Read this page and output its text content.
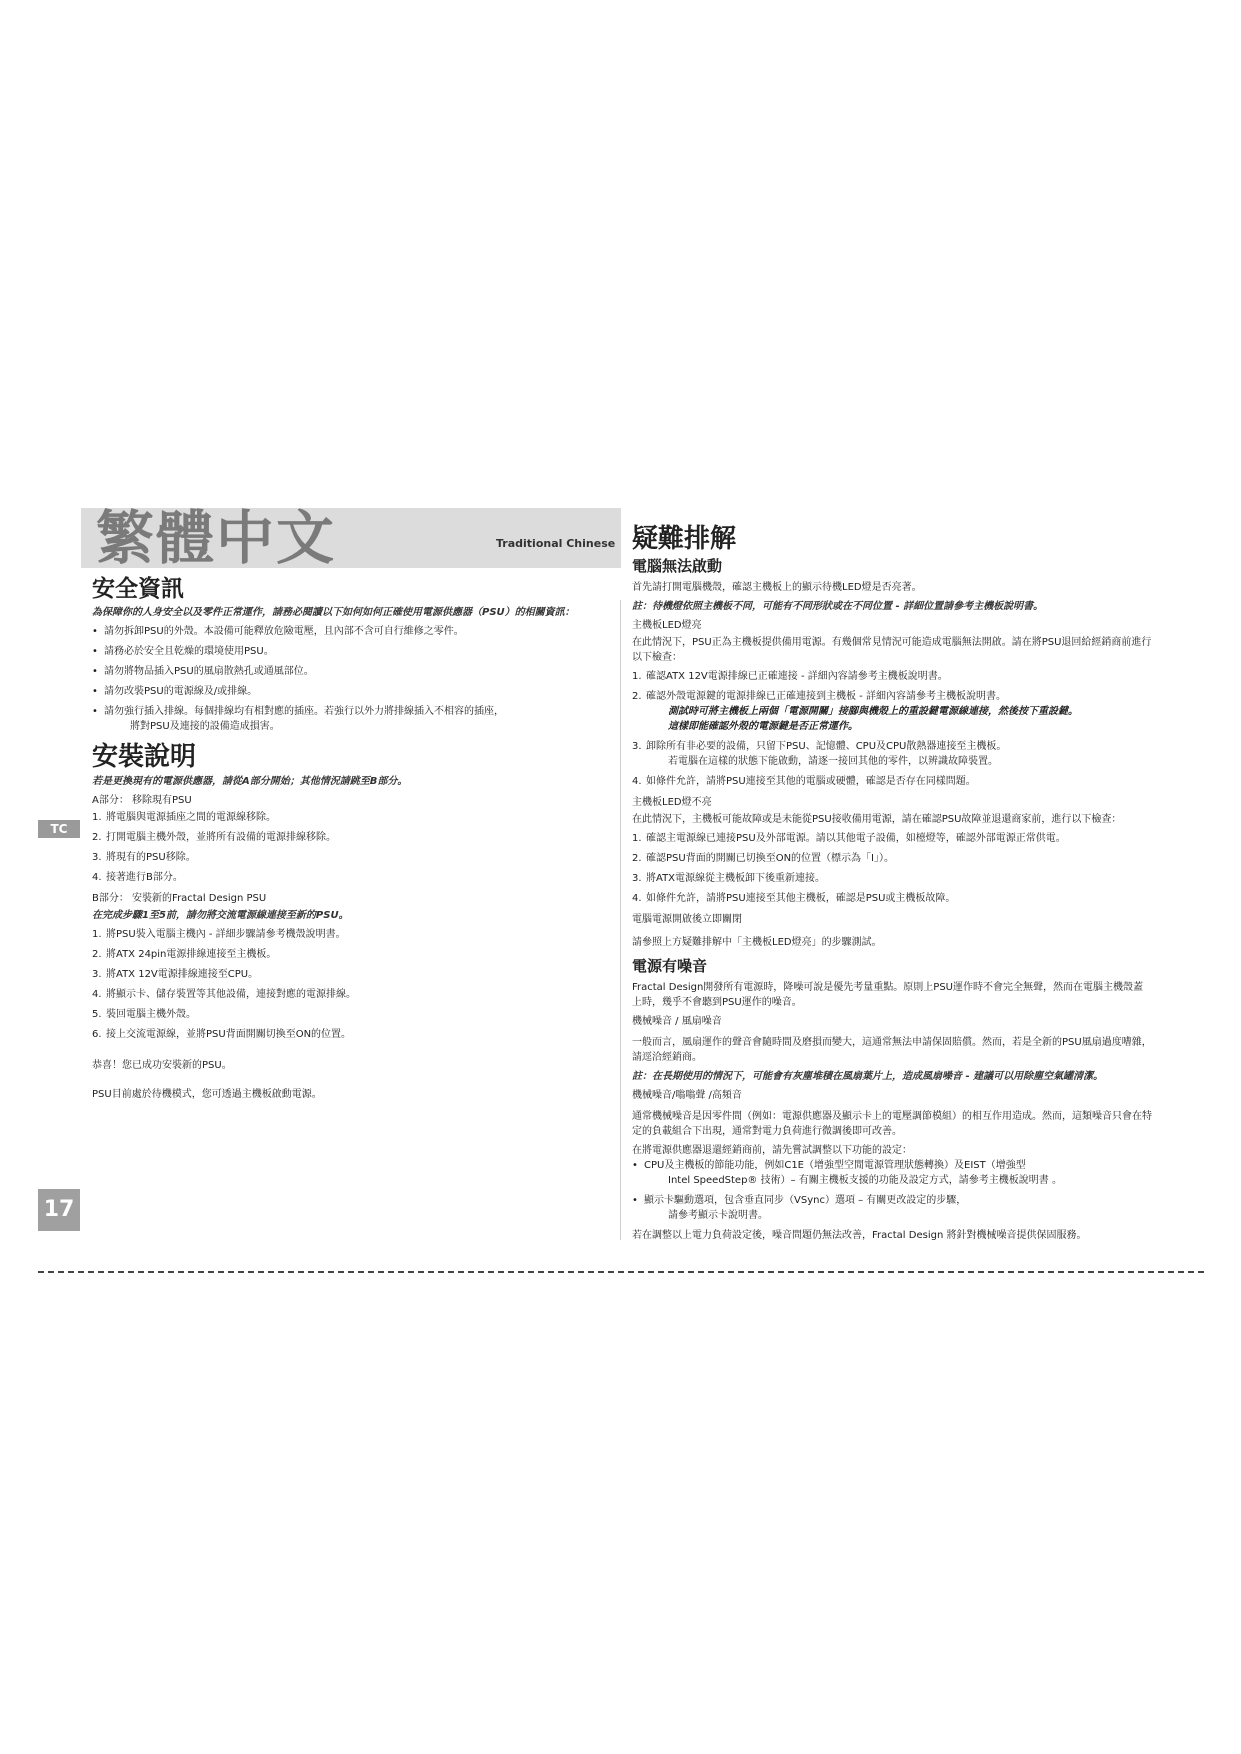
繁體中文	Traditional Chinese
TC
17
安全資訊
為保障你的人身安全以及零件正常運作，請務必閱讀以下如何如何正確使用電源供應器（PSU）的相關資訊：
• 請勿拆卸PSU的外殼。本設備可能釋放危險電壓，且內部不含可自行維修之零件。
• 請務必於安全且乾燥的環境使用PSU。
• 請勿將物品插入PSU的風扇散熱孔或通風部位。
• 請勿改裝PSU的電源線及/或排線。
• 請勿強行插入排線。每個排線均有相對應的插座。若強行以外力將排線插入不相容的插座，
將對PSU及連接的設備造成損害。
安裝說明
若是更換現有的電源供應器，請從A部分開始；其他情況請跳至B部分。
A部分： 移除現有PSU
1. 將電腦與電源插座之間的電源線移除。
2. 打開電腦主機外殼，並將所有設備的電源排線移除。
3. 將現有的PSU移除。
4. 接著進行B部分。
B部分： 安裝新的Fractal Design PSU
在完成步驟1至5前，請勿將交流電源線連接至新的PSU。
1. 將PSU裝入電腦主機內 - 詳細步驟請參考機殼說明書。
2. 將ATX 24pin電源排線連接至主機板。
3. 將ATX 12V電源排線連接至CPU。
4. 將顯示卡、儲存裝置等其他設備，連接對應的電源排線。
5. 裝回電腦主機外殼。
6. 接上交流電源線，並將PSU背面開關切換至ON的位置。
恭喜！您已成功安裝新的PSU。
PSU目前處於待機模式，您可透過主機板啟動電源。
疑難排解
電腦無法啟動
首先請打開電腦機殼，確認主機板上的顯示待機LED燈是否亮著。
註：待機燈依照主機板不同，可能有不同形狀或在不同位置 - 詳細位置請參考主機板說明書。
主機板LED燈亮
在此情況下，PSU正為主機板提供備用電源。有幾個常見情況可能造成電腦無法開啟。請在將PSU退回給經銷商前進行以下檢查：
1. 確認ATX 12V電源排線已正確連接 - 詳細內容請參考主機板說明書。
2. 確認外殼電源鍵的電源排線已正確連接到主機板 - 詳細內容請參考主機板說明書。

測試時可將主機板上兩個「電源開關」接腳與機殼上的重設鍵電源線連接，然後按下重設鍵。
這樣即能確認外殼的電源鍵是否正常運作。
3. 卸除所有非必要的設備，只留下PSU、記憶體、CPU及CPU散熱器連接至主機板。

若電腦在這樣的狀態下能啟動，請逐一接回其他的零件，以辨識故障裝置。
4. 如條件允許，請將PSU連接至其他的電腦或硬體，確認是否存在同樣問題。
主機板LED燈不亮
在此情況下，主機板可能故障或是未能從PSU接收備用電源，請在確認PSU故障並退還商家前，進行以下檢查：
1. 確認主電源線已連接PSU及外部電源。請以其他電子設備，如檯燈等，確認外部電源正常供電。
2. 確認PSU背面的開關已切換至ON的位置（標示為「I」）。
3. 將ATX電源線從主機板卸下後重新連接。
4. 如條件允許，請將PSU連接至其他主機板，確認是PSU或主機板故障。
電腦電源開啟後立即關閉
請參照上方疑難排解中「主機板LED燈亮」的步驟測試。
電源有噪音
Fractal Design開發所有電源時，降噪可說是優先考量重點。原則上PSU運作時不會完全無聲，然而在電腦主機殼蓋上時，幾乎不會聽到PSU運作的噪音。
機械噪音 / 風扇噪音
一般而言，風扇運作的聲音會隨時間及磨損而變大，這通常無法申請保固賠償。然而，若是全新的PSU風扇過度嘈雜，請逕洽經銷商。
註：在長期使用的情況下，可能會有灰塵堆積在風扇葉片上，造成風扇噪音 - 建議可以用除塵空氣罐清潔。
機械噪音/嗡嗡聲 /高頻音
通常機械噪音是因零件間（例如：電源供應器及顯示卡上的電壓調節模組）的相互作用造成。然而，這類噪音只會在特定的負載組合下出現，通常對電力負荷進行微調後即可改善。
在將電源供應器退還經銷商前，請先嘗試調整以下功能的設定：
• CPU及主機板的節能功能，例如C1E（增強型空閒電源管理狀態轉換）及EIST（增強型
Intel SpeedStep® 技術）– 有關主機板支援的功能及設定方式，請參考主機板說明書 。
• 顯示卡驅動選項，包含垂直同步（VSync）選項 – 有關更改設定的步驟，
請參考顯示卡說明書。
若在調整以上電力負荷設定後，噪音問題仍無法改善，Fractal Design 將針對機械噪音提供保固服務。
